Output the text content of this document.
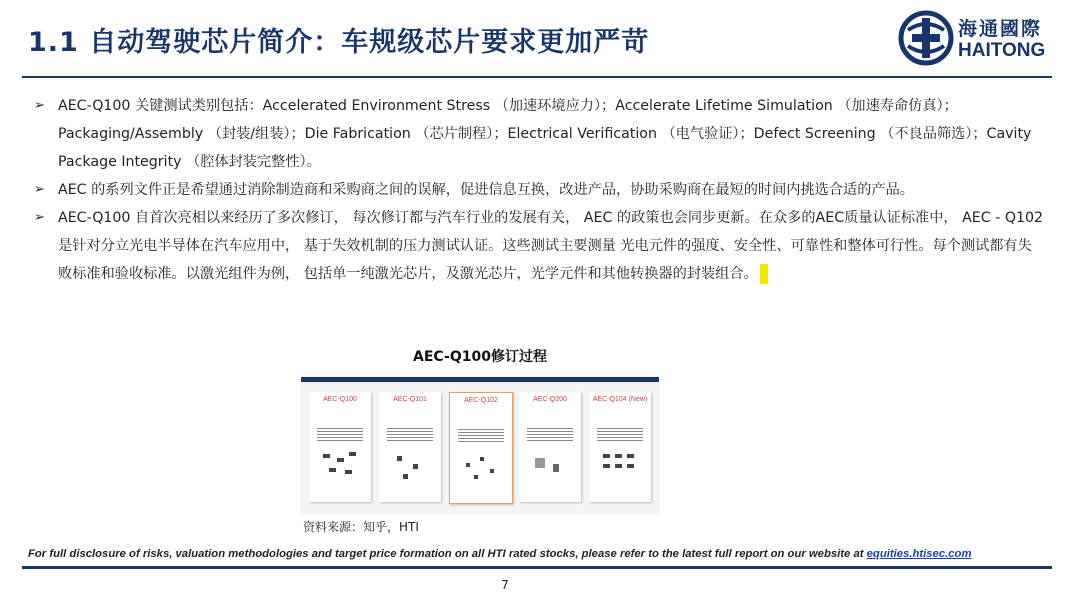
1.1 自动驾驶芯片简介：车规级芯片要求更加严苛	海通國際
HAITONG
➢ AEC-Q100 关键测试类别包括：Accelerated Environment Stress （加速环境应力）；Accelerate Lifetime Simulation （加速寿命仿真）；Packaging/Assembly （封装/组装）；Die Fabrication （芯片制程）；Electrical Verification （电气验证）；Defect Screening （不良品筛选）；Cavity Package Integrity （腔体封装完整性）。
➢ AEC 的系列文件正是希望通过消除制造商和采购商之间的误解，促进信息互换，改进产品，协助采购商在最短的时间内挑选合适的产品。
➢ AEC-Q100 自首次亮相以来经历了多次修订， 每次修订都与汽车行业的发展有关， AEC 的政策也会同步更新。在众多的AEC质量认证标准中， AEC - Q102是针对分立光电半导体在汽车应用中， 基于失效机制的压力测试认证。这些测试主要测量 光电元件的强度、安全性、可靠性和整体可行性。每个测试都有失败标准和验收标准。以激光组件为例， 包括单一纯激光芯片，及激光芯片，光学元件和其他转换器的封装组合。
AEC-Q100修订过程
AEC-Q100	AEC-Q101	AEC-Q102	AEC-Q200	AEC-Q104 (New)
资料来源：知乎，HTI
For full disclosure of risks, valuation methodologies and target price formation on all HTI rated stocks, please refer to the latest full report on our website at equities.htisec.com
7
